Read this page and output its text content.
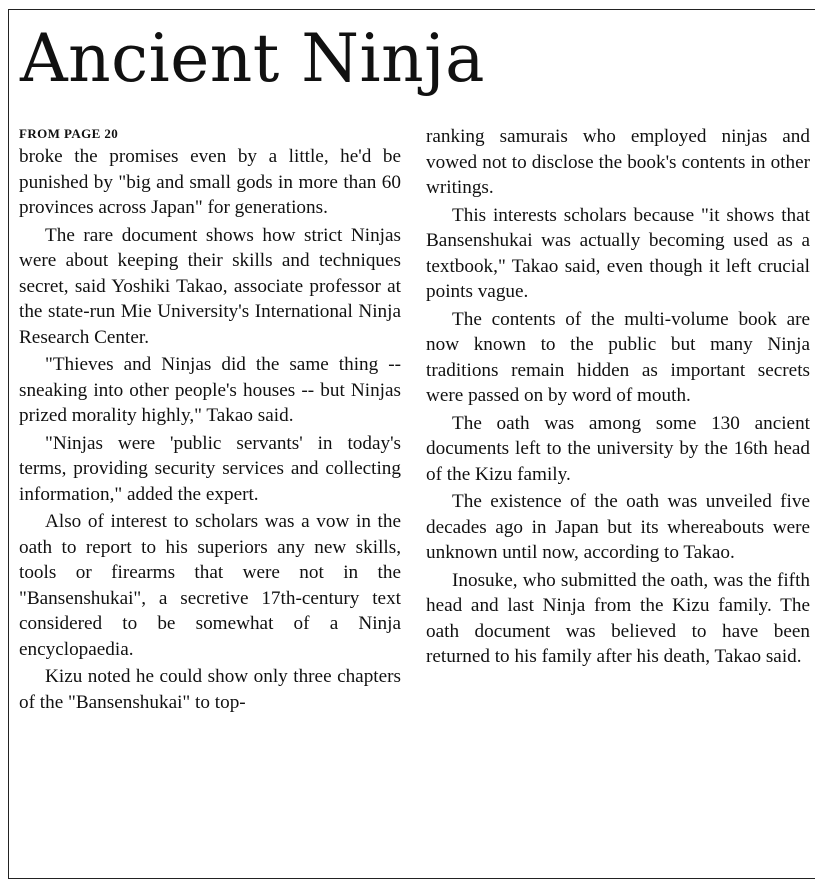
Ancient Ninja
FROM PAGE 20

broke the promises even by a little, he'd be punished by "big and small gods in more than 60 provinces across Japan" for generations.

The rare document shows how strict Ninjas were about keeping their skills and techniques secret, said Yoshiki Takao, associate professor at the state-run Mie University's International Ninja Research Center.

"Thieves and Ninjas did the same thing -- sneaking into other people's houses -- but Ninjas prized morality highly," Takao said.

"Ninjas were 'public servants' in today's terms, providing security services and collecting information," added the expert.

Also of interest to scholars was a vow in the oath to report to his superiors any new skills, tools or firearms that were not in the "Bansenshukai", a secretive 17th-century text considered to be somewhat of a Ninja encyclopaedia.

Kizu noted he could show only three chapters of the "Bansenshukai" to top-

ranking samurais who employed ninjas and vowed not to disclose the book's contents in other writings.

This interests scholars because "it shows that Bansenshukai was actually becoming used as a textbook," Takao said, even though it left crucial points vague.

The contents of the multi-volume book are now known to the public but many Ninja traditions remain hidden as important secrets were passed on by word of mouth.

The oath was among some 130 ancient documents left to the university by the 16th head of the Kizu family.

The existence of the oath was unveiled five decades ago in Japan but its whereabouts were unknown until now, according to Takao.

Inosuke, who submitted the oath, was the fifth head and last Ninja from the Kizu family. The oath document was believed to have been returned to his family after his death, Takao said.
